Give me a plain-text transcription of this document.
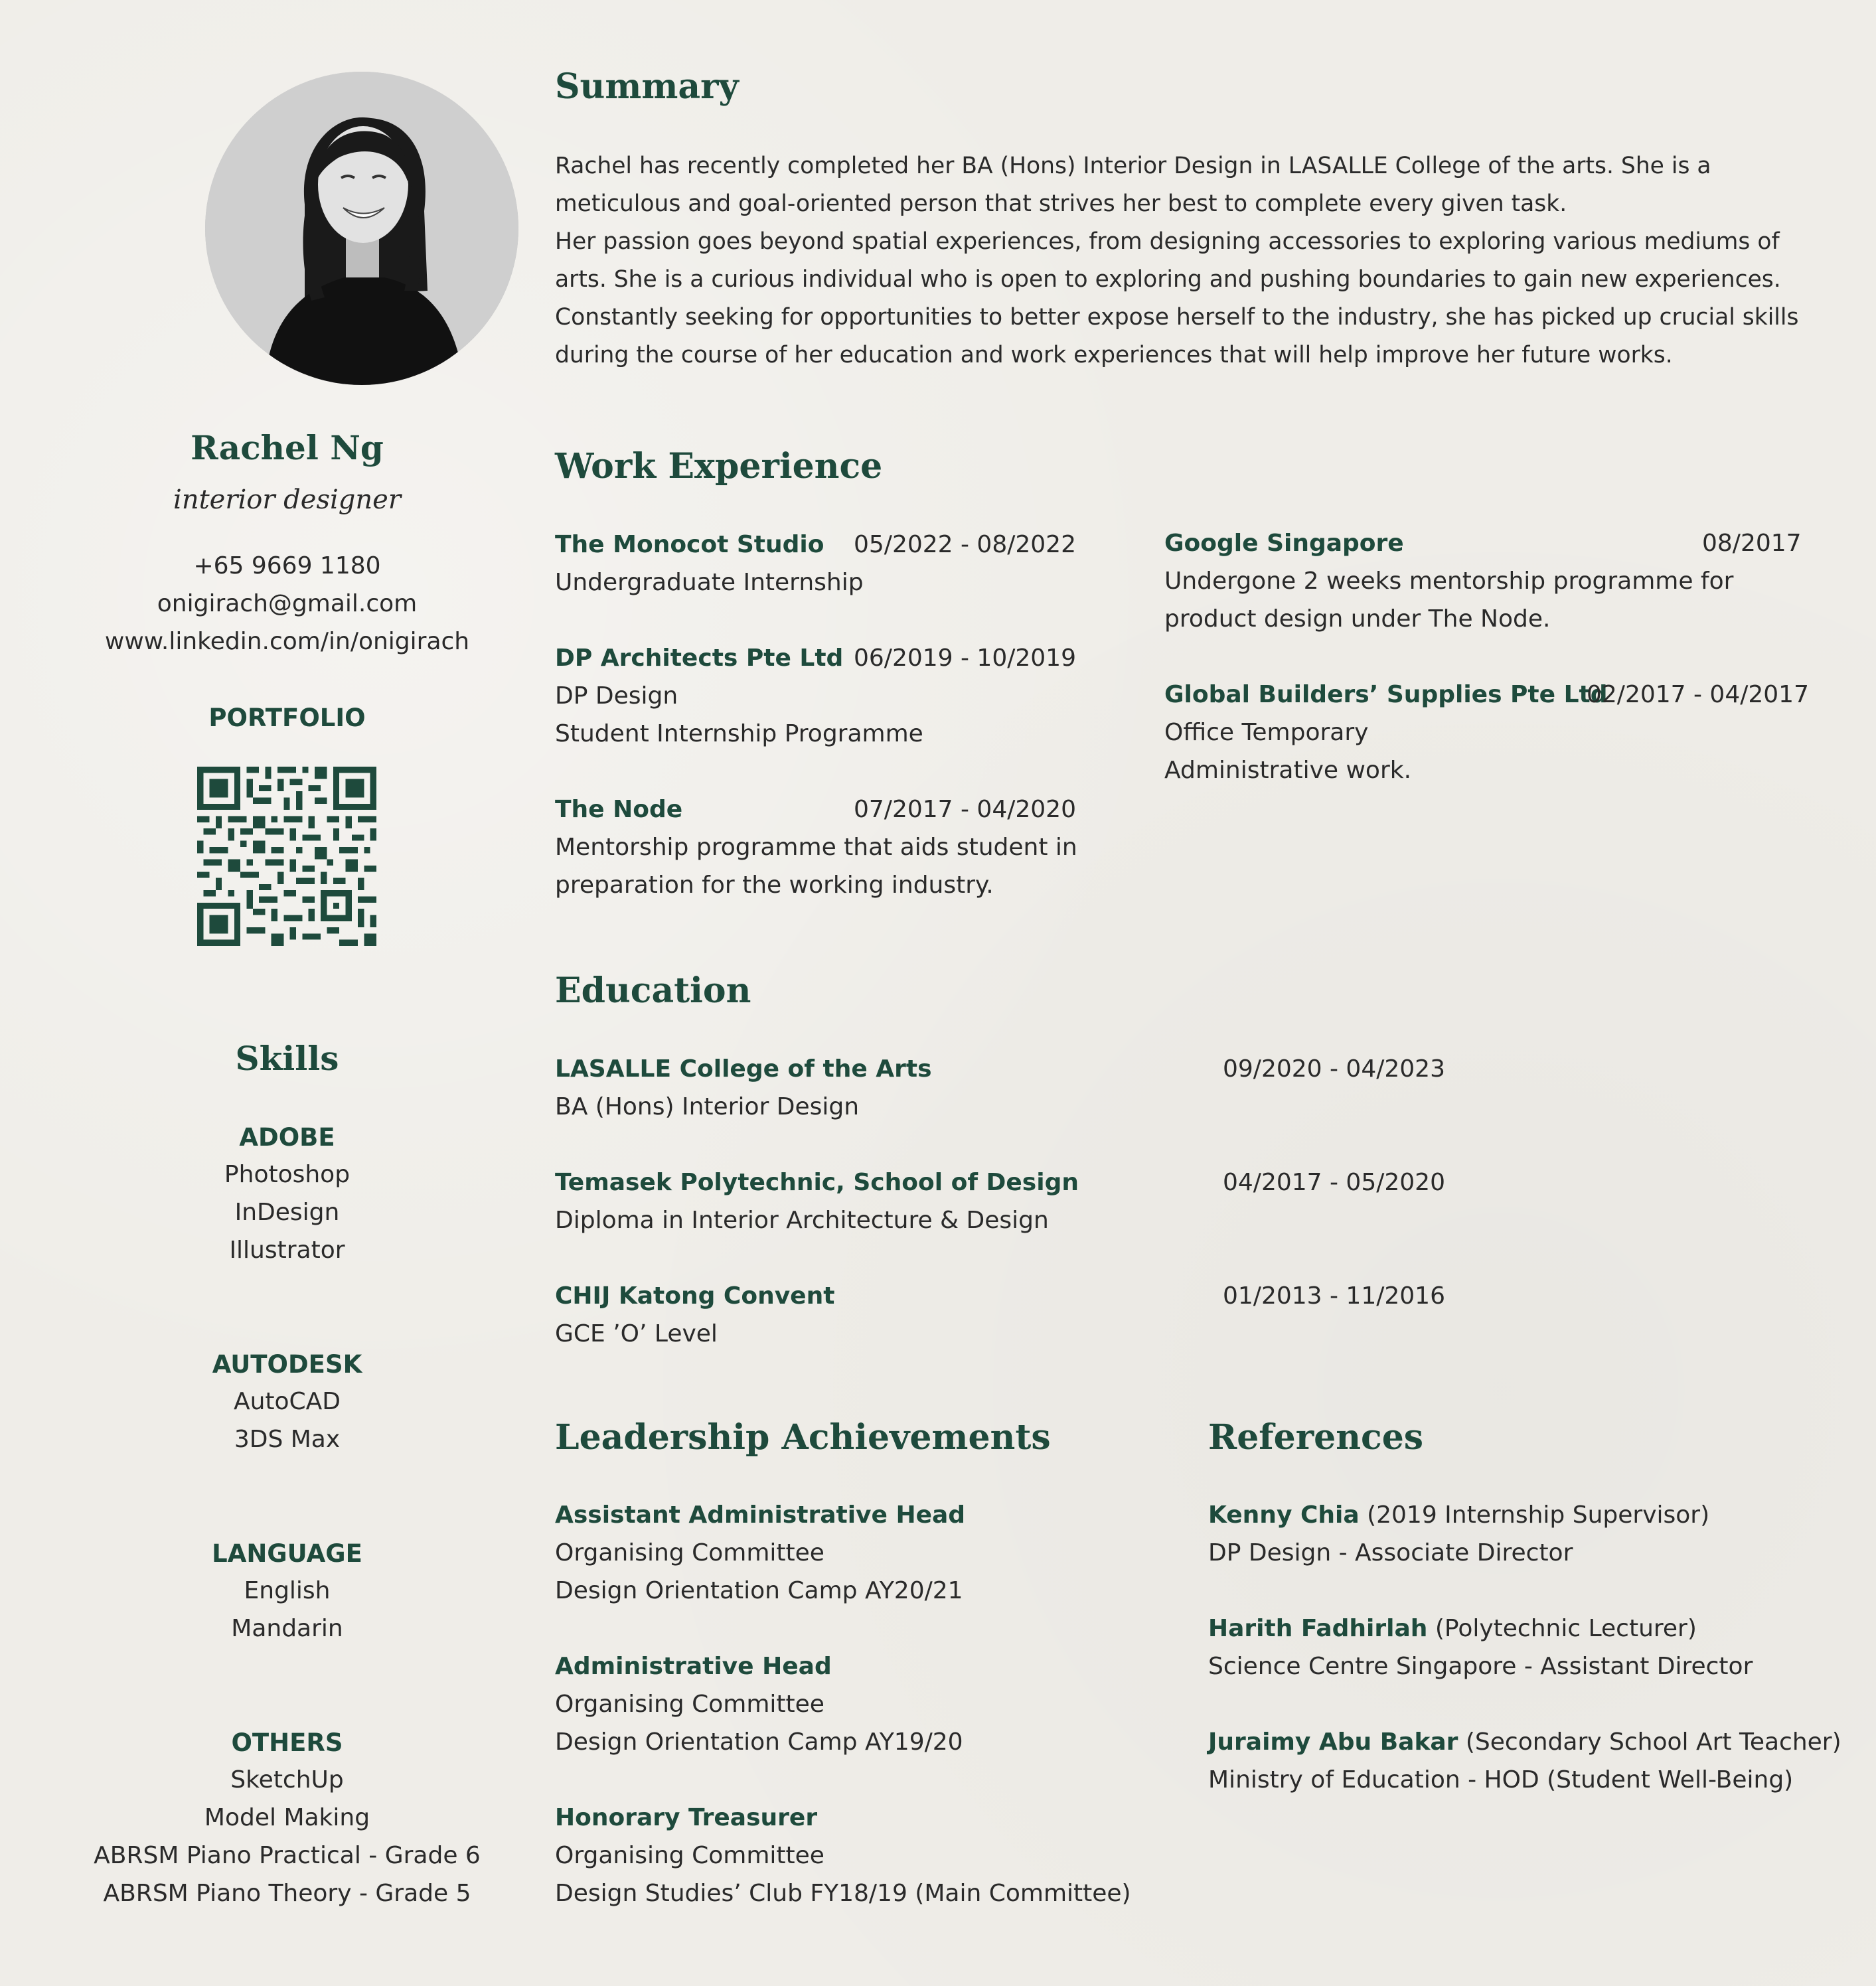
Rachel Ng
interior designer
+65 9669 1180
onigirach@gmail.com
www.linkedin.com/in/onigirach
PORTFOLIO
Skills
ADOBE
Photoshop
InDesign
Illustrator
AUTODESK
AutoCAD
3DS Max
LANGUAGE
English
Mandarin
OTHERS
SketchUp
Model Making
ABRSM Piano Practical - Grade 6
ABRSM Piano Theory - Grade 5
Summary
Rachel has recently completed her BA (Hons) Interior Design in LASALLE College of the arts. She is a
meticulous and goal-oriented person that strives her best to complete every given task.
Her passion goes beyond spatial experiences, from designing accessories to exploring various mediums of
arts. She is a curious individual who is open to exploring and pushing boundaries to gain new experiences.
Constantly seeking for opportunities to better expose herself to the industry, she has picked up crucial skills
during the course of her education and work experiences that will help improve her future works.
Work Experience
The Monocot Studio 05/2022 - 08/2022
Undergraduate Internship
DP Architects Pte Ltd 06/2019 - 10/2019
DP Design
Student Internship Programme
The Node	07/2017 - 04/2020
Mentorship programme that aids student in
preparation for the working industry.
Google Singapore	08/2017
Undergone 2 weeks mentorship programme for
product design under The Node.
Global Builders’ Supplies Pte Ltd
02/2017 - 04/2017
Office Temporary
Administrative work.
Education
LASALLE College of the Arts	09/2020 - 04/2023
BA (Hons) Interior Design
Temasek Polytechnic, School of Design	04/2017 - 05/2020
Diploma in Interior Architecture & Design
CHIJ Katong Convent	01/2013 - 11/2016
GCE ’O’ Level
Leadership Achievements
Assistant Administrative Head
Organising Committee
Design Orientation Camp AY20/21
Administrative Head
Organising Committee
Design Orientation Camp AY19/20
Honorary Treasurer
Organising Committee
Design Studies’ Club FY18/19 (Main Committee)
References
Kenny Chia (2019 Internship Supervisor)
DP Design - Associate Director
Harith Fadhirlah (Polytechnic Lecturer)
Science Centre Singapore - Assistant Director
Juraimy Abu Bakar (Secondary School Art Teacher)
Ministry of Education - HOD (Student Well-Being)
